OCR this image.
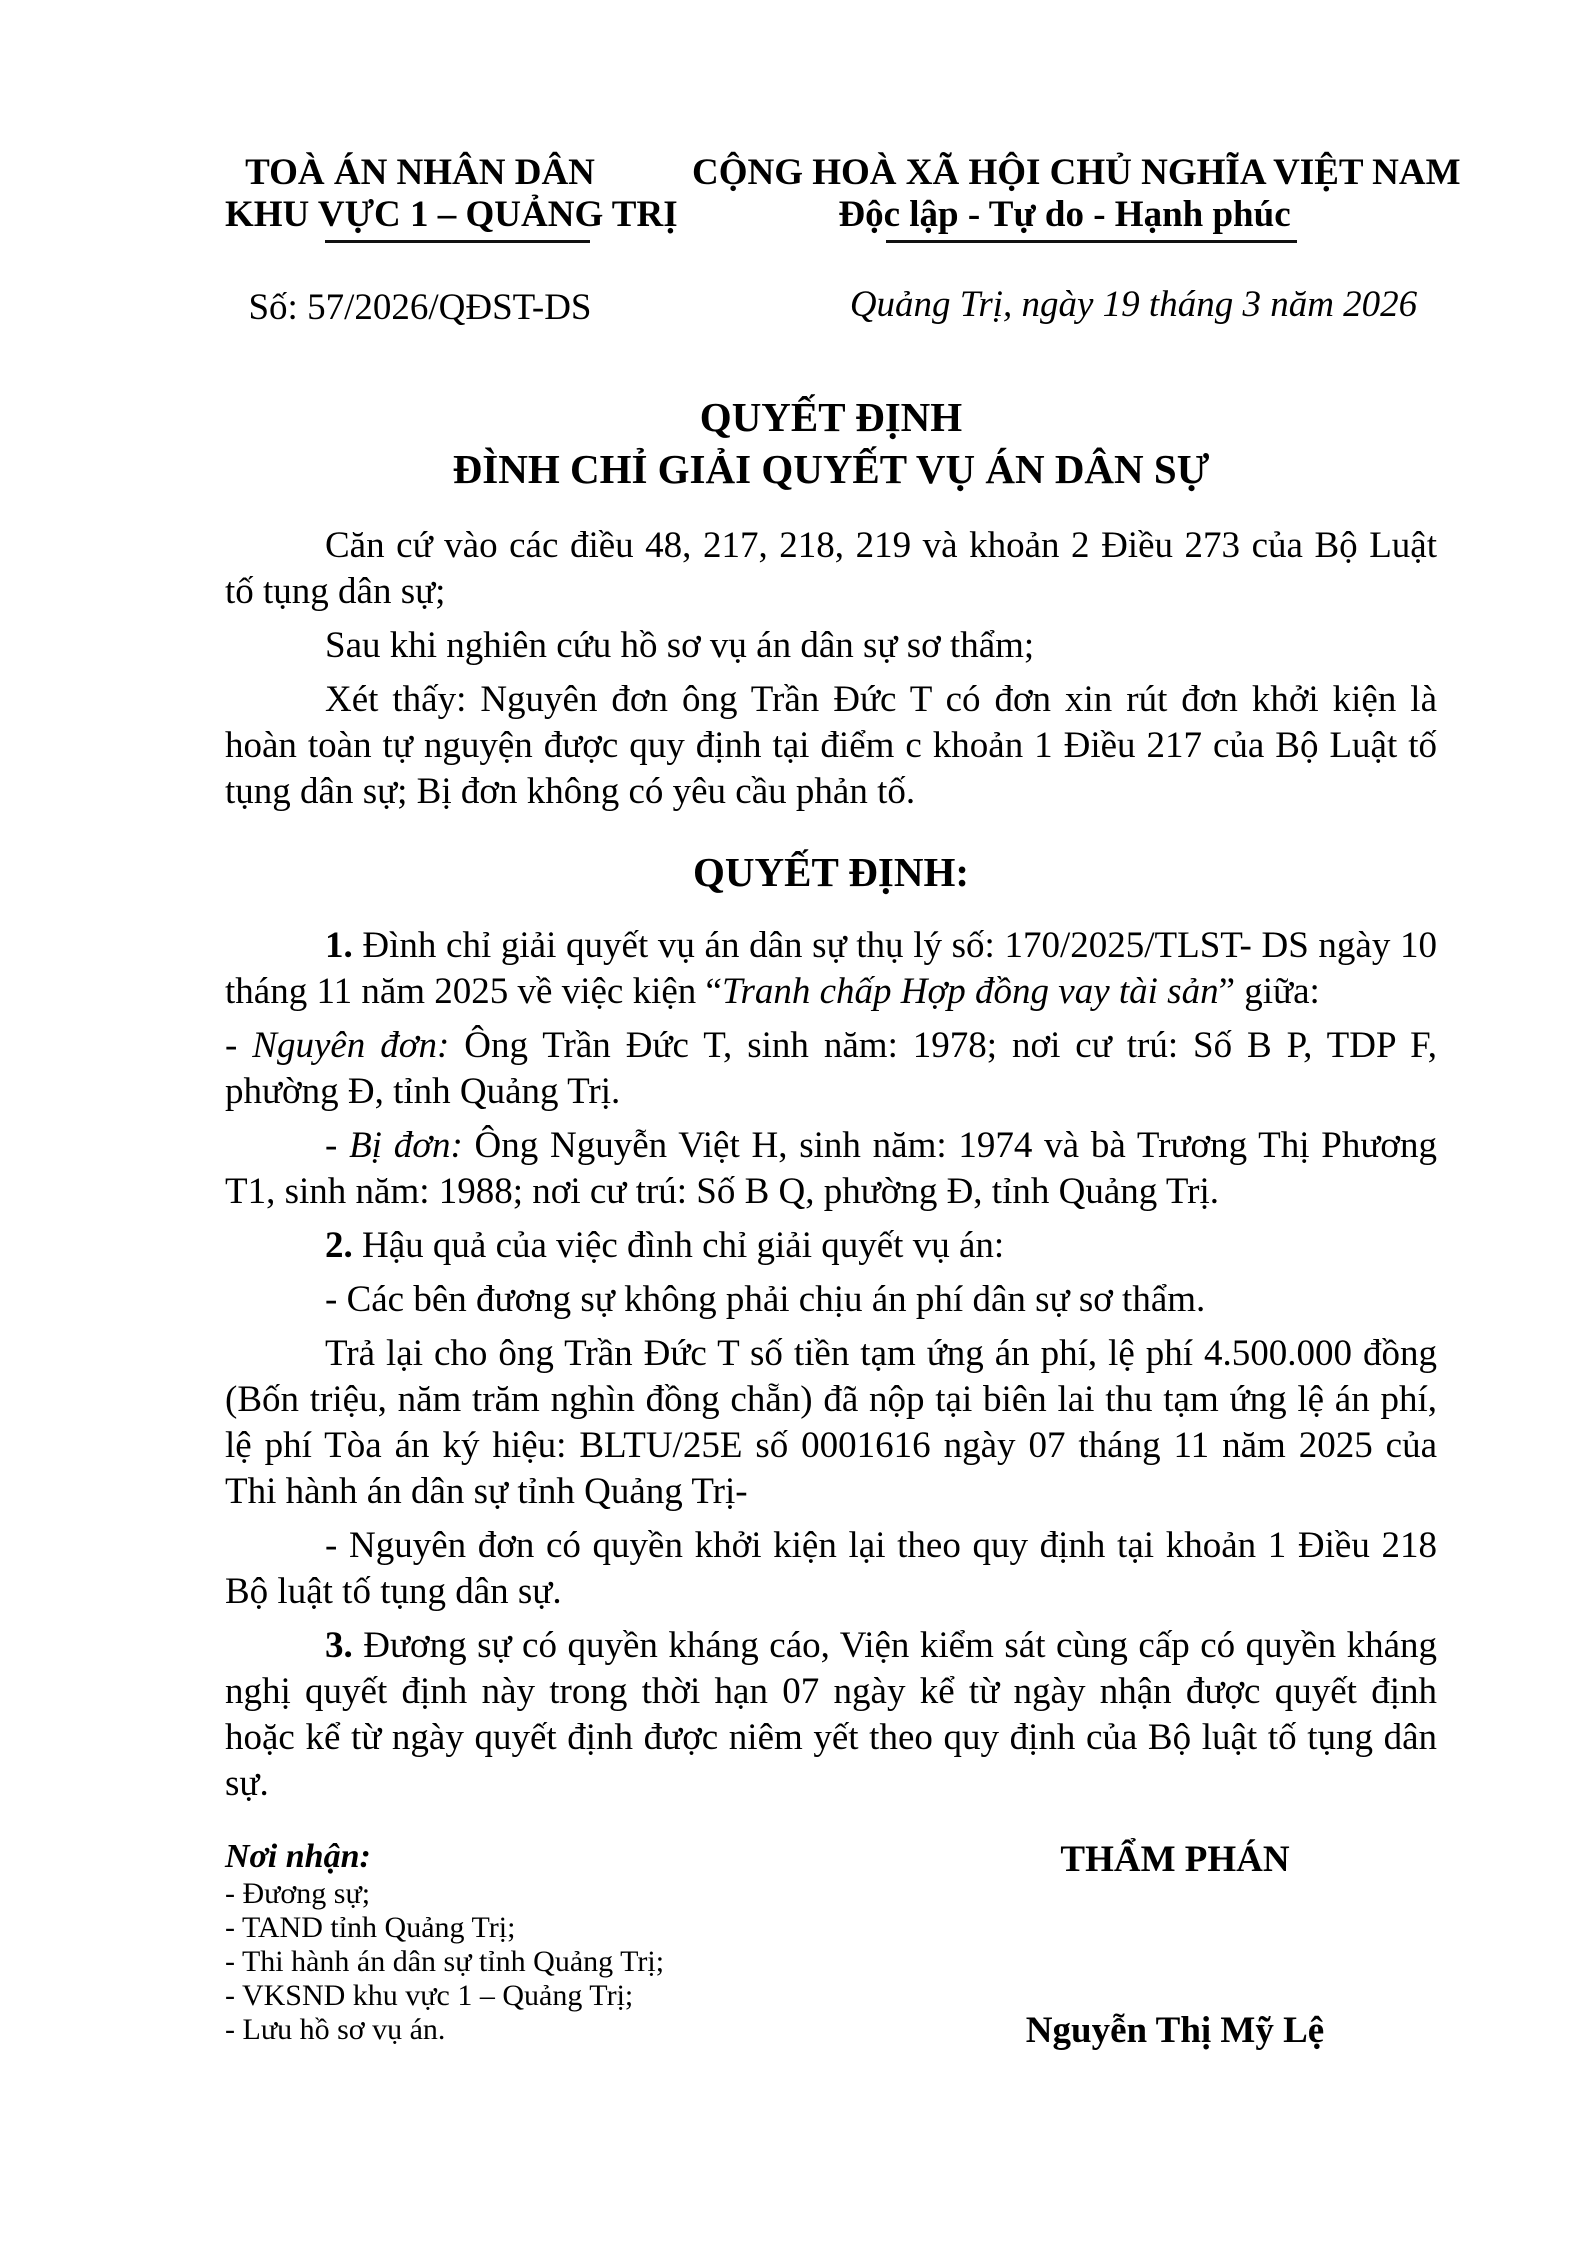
TOÀ ÁN NHÂN DÂN
KHU VỰC 1 – QUẢNG TRỊ
Số: 57/2026/QĐST-DS
CỘNG HOÀ XÃ HỘI CHỦ NGHĨA VIỆT NAM
Độc lập - Tự do - Hạnh phúc
Quảng Trị, ngày 19 tháng 3 năm 2026
QUYẾT ĐỊNH
ĐÌNH CHỈ GIẢI QUYẾT VỤ ÁN DÂN SỰ

Căn cứ vào các điều 48, 217, 218, 219 và khoản 2 Điều 273 của Bộ Luật tố tụng dân sự;

Sau khi nghiên cứu hồ sơ vụ án dân sự sơ thẩm;

Xét thấy: Nguyên đơn ông Trần Đức T có đơn xin rút đơn khởi kiện là hoàn toàn tự nguyện được quy định tại điểm c khoản 1 Điều 217 của Bộ Luật tố tụng dân sự; Bị đơn không có yêu cầu phản tố.

QUYẾT ĐỊNH:

1. Đình chỉ giải quyết vụ án dân sự thụ lý số: 170/2025/TLST- DS ngày 10 tháng 11 năm 2025 về việc kiện “Tranh chấp Hợp đồng vay tài sản” giữa:

- Nguyên đơn: Ông Trần Đức T, sinh năm: 1978; nơi cư trú: Số B P, TDP F, phường Đ, tỉnh Quảng Trị.

- Bị đơn: Ông Nguyễn Việt H, sinh năm: 1974 và bà Trương Thị Phương T1, sinh năm: 1988; nơi cư trú: Số B Q, phường Đ, tỉnh Quảng Trị.

2. Hậu quả của việc đình chỉ giải quyết vụ án:

- Các bên đương sự không phải chịu án phí dân sự sơ thẩm.

Trả lại cho ông Trần Đức T số tiền tạm ứng án phí, lệ phí 4.500.000 đồng (Bốn triệu, năm trăm nghìn đồng chẵn) đã nộp tại biên lai thu tạm ứng lệ án phí, lệ phí Tòa án ký hiệu: BLTU/25E số 0001616 ngày 07 tháng 11 năm 2025 của Thi hành án dân sự tỉnh Quảng Trị-

- Nguyên đơn có quyền khởi kiện lại theo quy định tại khoản 1 Điều 218 Bộ luật tố tụng dân sự.

3. Đương sự có quyền kháng cáo, Viện kiểm sát cùng cấp có quyền kháng nghị quyết định này trong thời hạn 07 ngày kể từ ngày nhận được quyết định hoặc kể từ ngày quyết định được niêm yết theo quy định của Bộ luật tố tụng dân sự.

Nơi nhận:
- Đương sự;
- TAND tỉnh Quảng Trị;
- Thi hành án dân sự tỉnh Quảng Trị;
- VKSND khu vực 1 – Quảng Trị;
- Lưu hồ sơ vụ án.
THẨM PHÁN
Nguyễn Thị Mỹ Lệ
